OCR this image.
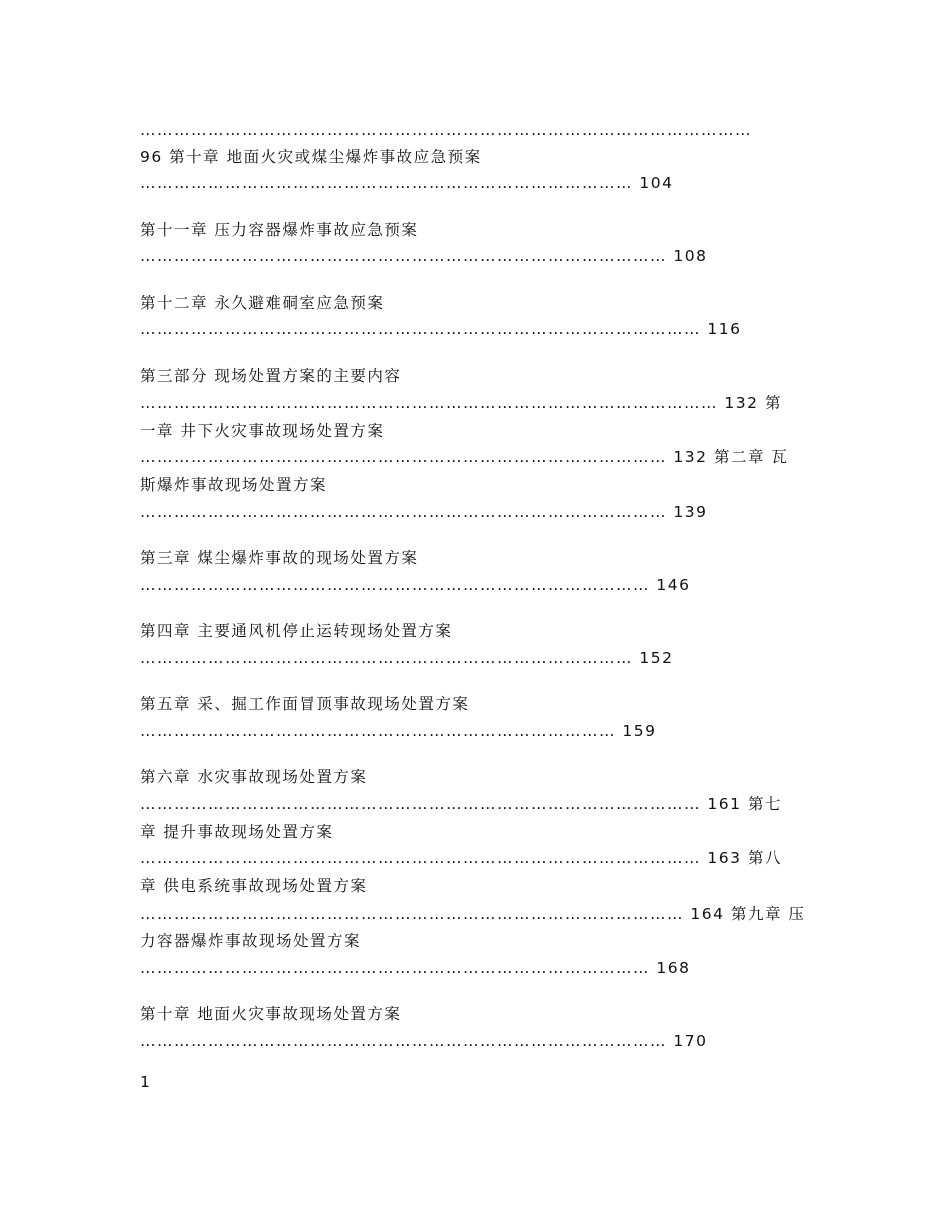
………………………………………………………………………………………………

96 第十章 地面火灾或煤尘爆炸事故应急预案

…………………………………………………………………………… 104

第十一章 压力容器爆炸事故应急预案

………………………………………………………………………………… 108

第十二章 永久避难硐室应急预案

……………………………………………………………………………………… 116

第三部分 现场处置方案的主要内容

………………………………………………………………………………………… 132 第

一章 井下火灾事故现场处置方案

………………………………………………………………………………… 132 第二章 瓦

斯爆炸事故现场处置方案

………………………………………………………………………………… 139

第三章 煤尘爆炸事故的现场处置方案

……………………………………………………………………………… 146

第四章 主要通风机停止运转现场处置方案

…………………………………………………………………………… 152

第五章 采、掘工作面冒顶事故现场处置方案

………………………………………………………………………… 159

第六章 水灾事故现场处置方案

……………………………………………………………………………………… 161 第七

章 提升事故现场处置方案

……………………………………………………………………………………… 163 第八

章 供电系统事故现场处置方案

…………………………………………………………………………………… 164 第九章 压

力容器爆炸事故现场处置方案

……………………………………………………………………………… 168

第十章 地面火灾事故现场处置方案

………………………………………………………………………………… 170

1
